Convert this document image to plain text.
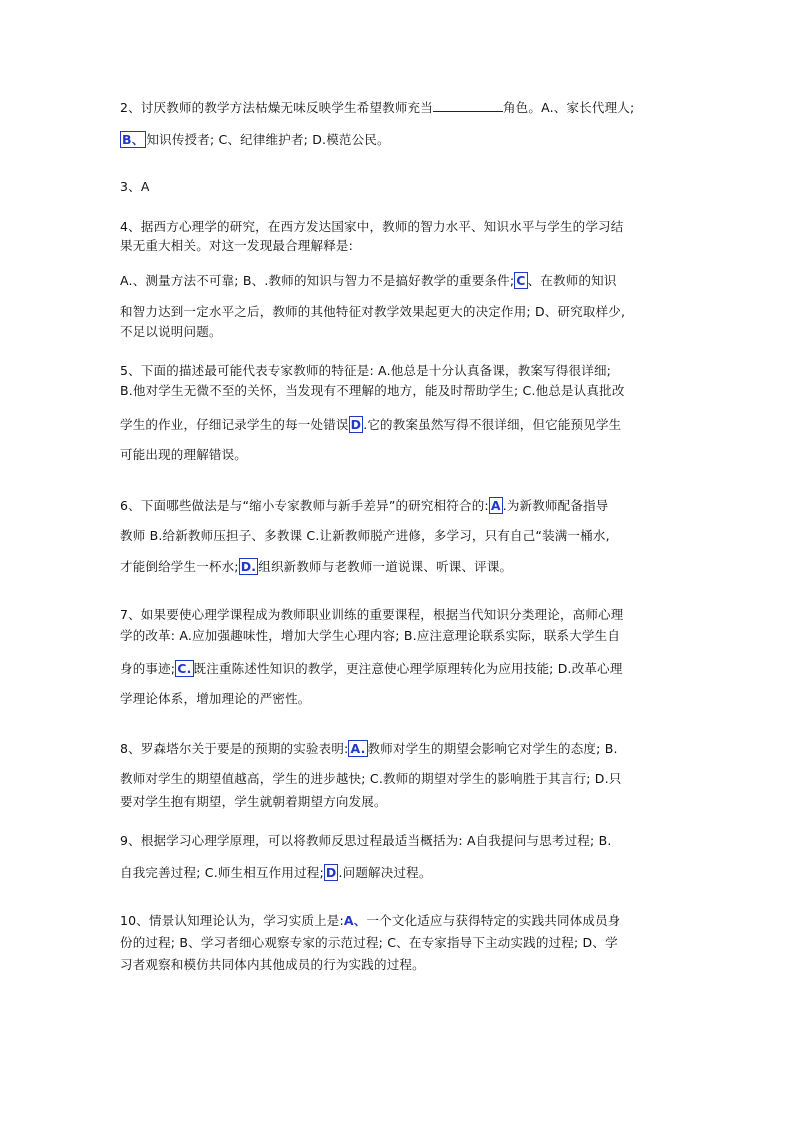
2、讨厌教师的教学方法枯燥无味反映学生希望教师充当	角色。A.、家长代理人;
B、 知识传授者; C、纪律维护者; D.模范公民。
3、A
4、据西方心理学的研究，在西方发达国家中，教师的智力水平、知识水平与学生的学习结
果无重大相关。对这一发现最合理解释是:
A.、测量方法不可靠; B、.教师的知识与智力不是搞好教学的重要条件; C 、在教师的知识
和智力达到一定水平之后，教师的其他特征对教学效果起更大的决定作用; D、研究取样少,
不足以说明问题。
5、下面的描述最可能代表专家教师的特征是: A.他总是十分认真备课，教案写得很详细;
B.他对学生无微不至的关怀，当发现有不理解的地方，能及时帮助学生; C.他总是认真批改
学生的作业，仔细记录学生的每一处错误 D .它的教案虽然写得不很详细，但它能预见学生
可能出现的理解错误。
6、下面哪些做法是与“缩小专家教师与新手差异”的研究相符合的: A .为新教师配备指导
教师 B.给新教师压担子、多教课 C.让新教师脱产进修，多学习，只有自己“装满一桶水,
才能倒给学生一杯水; D. 组织新教师与老教师一道说课、听课、评课。
7、如果要使心理学课程成为教师职业训练的重要课程，根据当代知识分类理论，高师心理
学的改革: A.应加强趣味性，增加大学生心理内容; B.应注意理论联系实际，联系大学生自
身的事迹; C. 既注重陈述性知识的教学，更注意使心理学原理转化为应用技能; D.改革心理
学理论体系，增加理论的严密性。
8、罗森塔尔关于要是的预期的实验表明: A. 教师对学生的期望会影响它对学生的态度; B.
教师对学生的期望值越高，学生的进步越快; C.教师的期望对学生的影响胜于其言行; D.只
要对学生抱有期望，学生就朝着期望方向发展。
9、根据学习心理学原理，可以将教师反思过程最适当概括为: A自我提问与思考过程; B.
自我完善过程; C.师生相互作用过程; D .问题解决过程。
10、情景认知理论认为，学习实质上是:A、一个文化适应与获得特定的实践共同体成员身
份的过程; B、学习者细心观察专家的示范过程; C、在专家指导下主动实践的过程; D、学
习者观察和模仿共同体内其他成员的行为实践的过程。
